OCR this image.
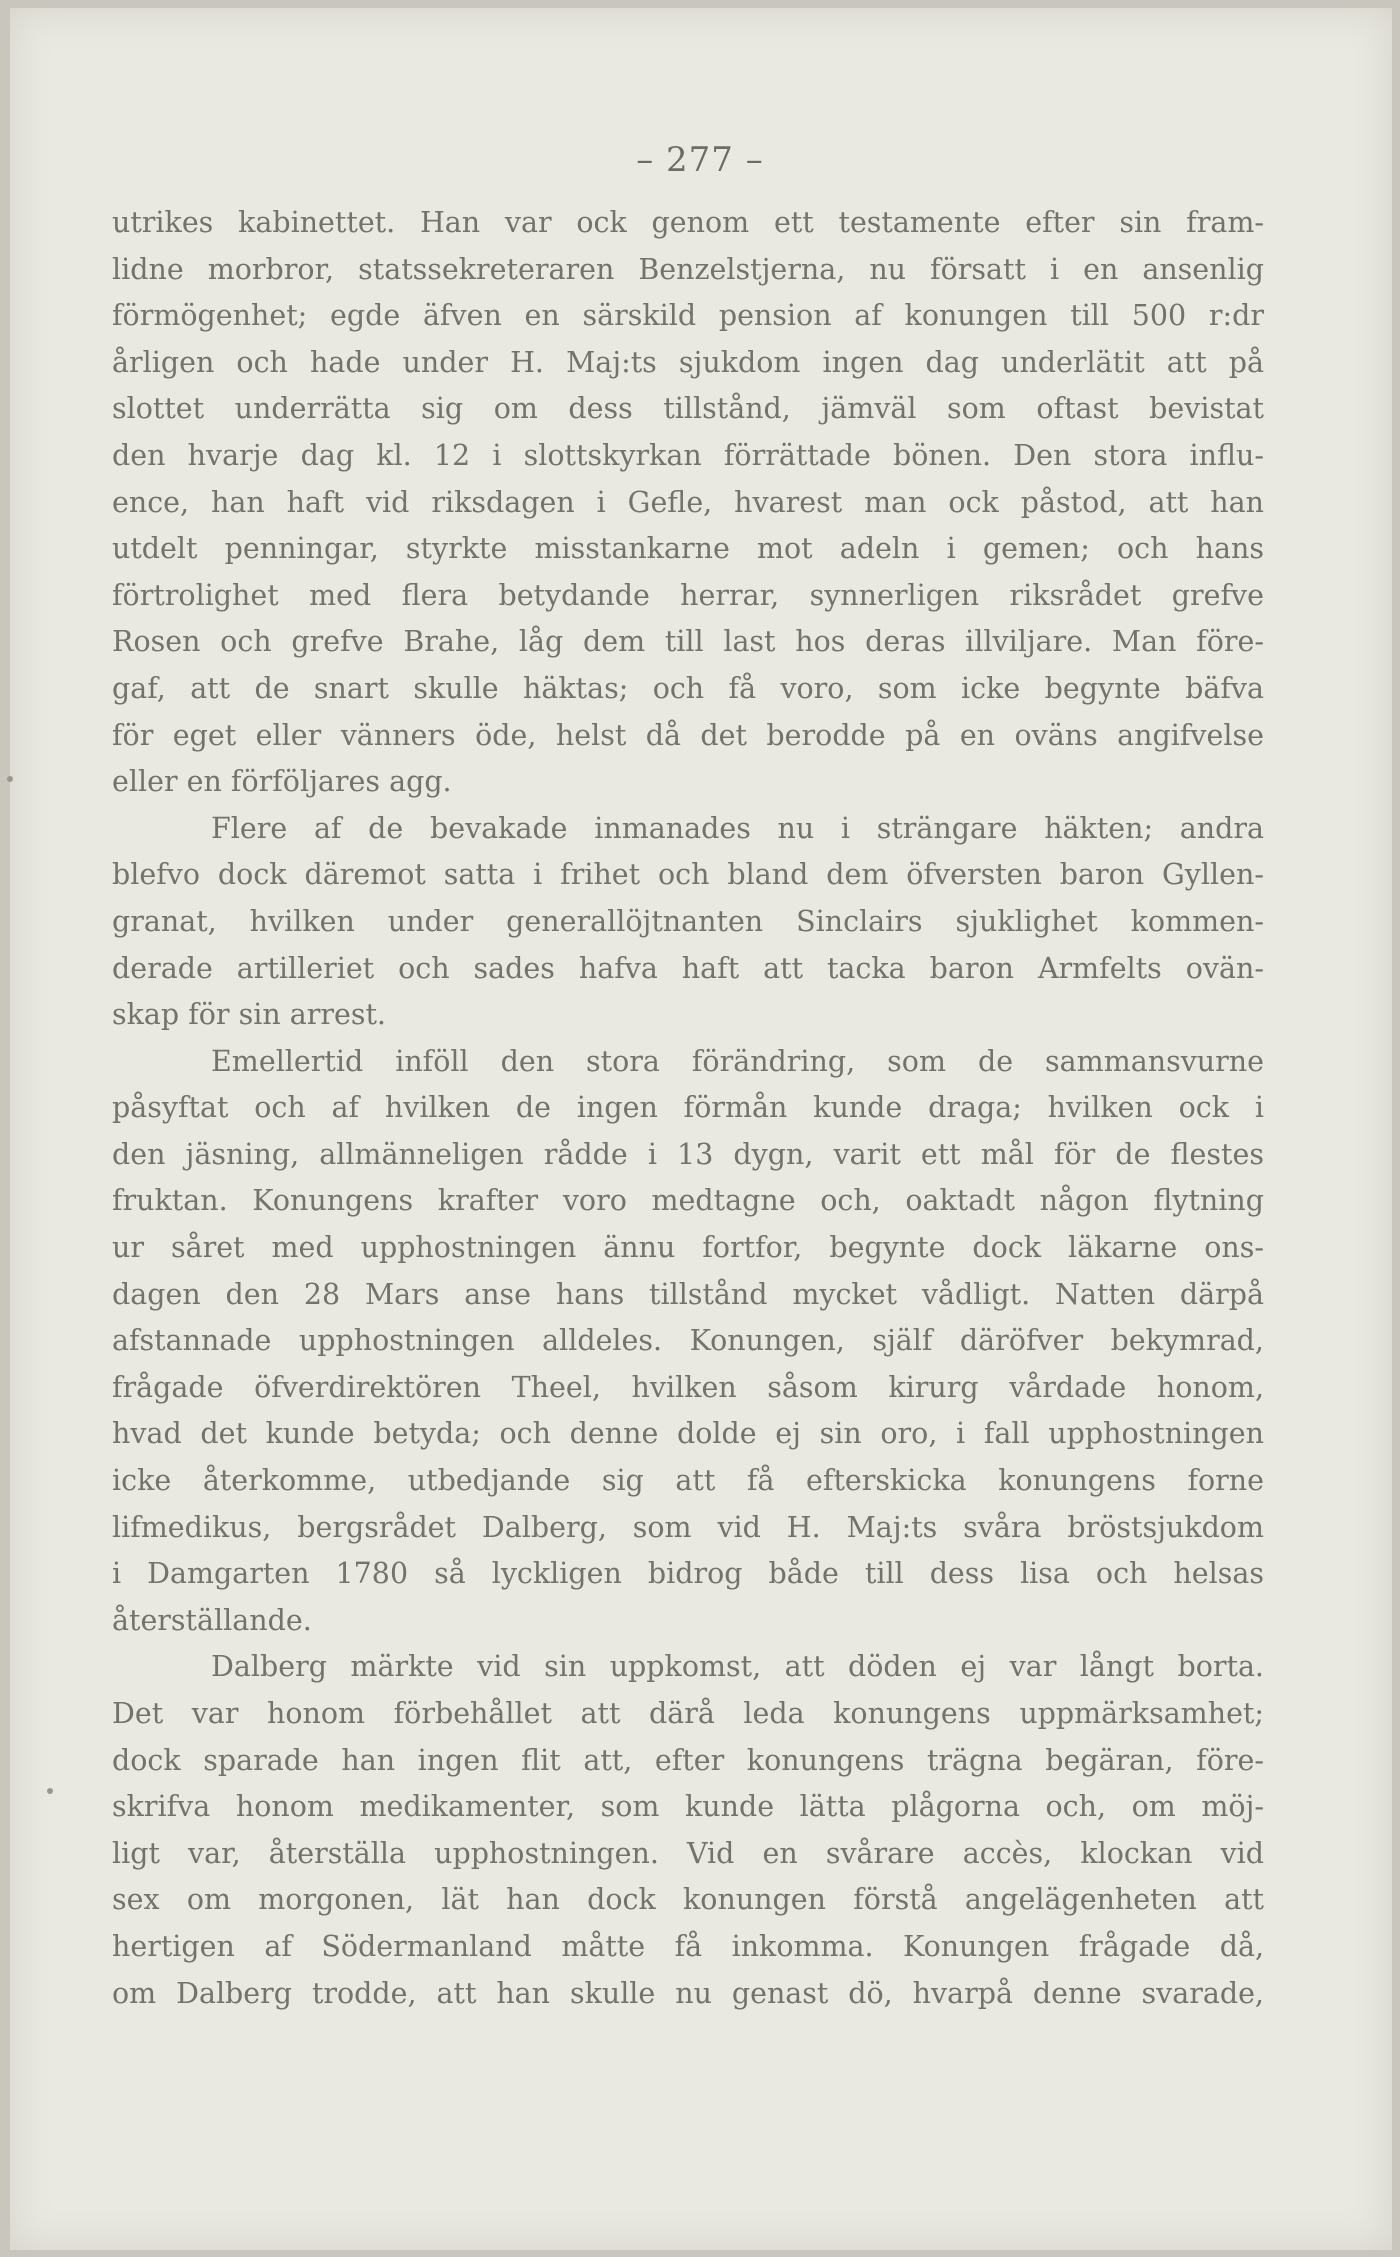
– 277 –
utrikes kabinettet. Han var ock genom ett testamente efter sin fram-
lidne morbror, statssekreteraren Benzelstjerna, nu försatt i en ansenlig
förmögenhet; egde äfven en särskild pension af konungen till 500 r:dr
årligen och hade under H. Maj:ts sjukdom ingen dag underlätit att på
slottet underrätta sig om dess tillstånd, jämväl som oftast bevistat
den hvarje dag kl. 12 i slottskyrkan förrättade bönen. Den stora influ-
ence, han haft vid riksdagen i Gefle, hvarest man ock påstod, att han
utdelt penningar, styrkte misstankarne mot adeln i gemen; och hans
förtrolighet med flera betydande herrar, synnerligen riksrådet grefve
Rosen och grefve Brahe, låg dem till last hos deras illviljare. Man före-
gaf, att de snart skulle häktas; och få voro, som icke begynte bäfva
för eget eller vänners öde, helst då det berodde på en oväns angifvelse
eller en förföljares agg.
Flere af de bevakade inmanades nu i strängare häkten; andra
blefvo dock däremot satta i frihet och bland dem öfversten baron Gyllen-
granat, hvilken under generallöjtnanten Sinclairs sjuklighet kommen-
derade artilleriet och sades hafva haft att tacka baron Armfelts ovän-
skap för sin arrest.
Emellertid inföll den stora förändring, som de sammansvurne
påsyftat och af hvilken de ingen förmån kunde draga; hvilken ock i
den jäsning, allmänneligen rådde i 13 dygn, varit ett mål för de flestes
fruktan. Konungens krafter voro medtagne och, oaktadt någon flytning
ur såret med upphostningen ännu fortfor, begynte dock läkarne ons-
dagen den 28 Mars anse hans tillstånd mycket vådligt. Natten därpå
afstannade upphostningen alldeles. Konungen, själf däröfver bekymrad,
frågade öfverdirektören Theel, hvilken såsom kirurg vårdade honom,
hvad det kunde betyda; och denne dolde ej sin oro, i fall upphostningen
icke återkomme, utbedjande sig att få efterskicka konungens forne
lifmedikus, bergsrådet Dalberg, som vid H. Maj:ts svåra bröstsjukdom
i Damgarten 1780 så lyckligen bidrog både till dess lisa och helsas
återställande.
Dalberg märkte vid sin uppkomst, att döden ej var långt borta.
Det var honom förbehållet att därå leda konungens uppmärksamhet;
dock sparade han ingen flit att, efter konungens trägna begäran, före-
skrifva honom medikamenter, som kunde lätta plågorna och, om möj-
ligt var, återställa upphostningen. Vid en svårare accès, klockan vid
sex om morgonen, lät han dock konungen förstå angelägenheten att
hertigen af Södermanland måtte få inkomma. Konungen frågade då,
om Dalberg trodde, att han skulle nu genast dö, hvarpå denne svarade,
